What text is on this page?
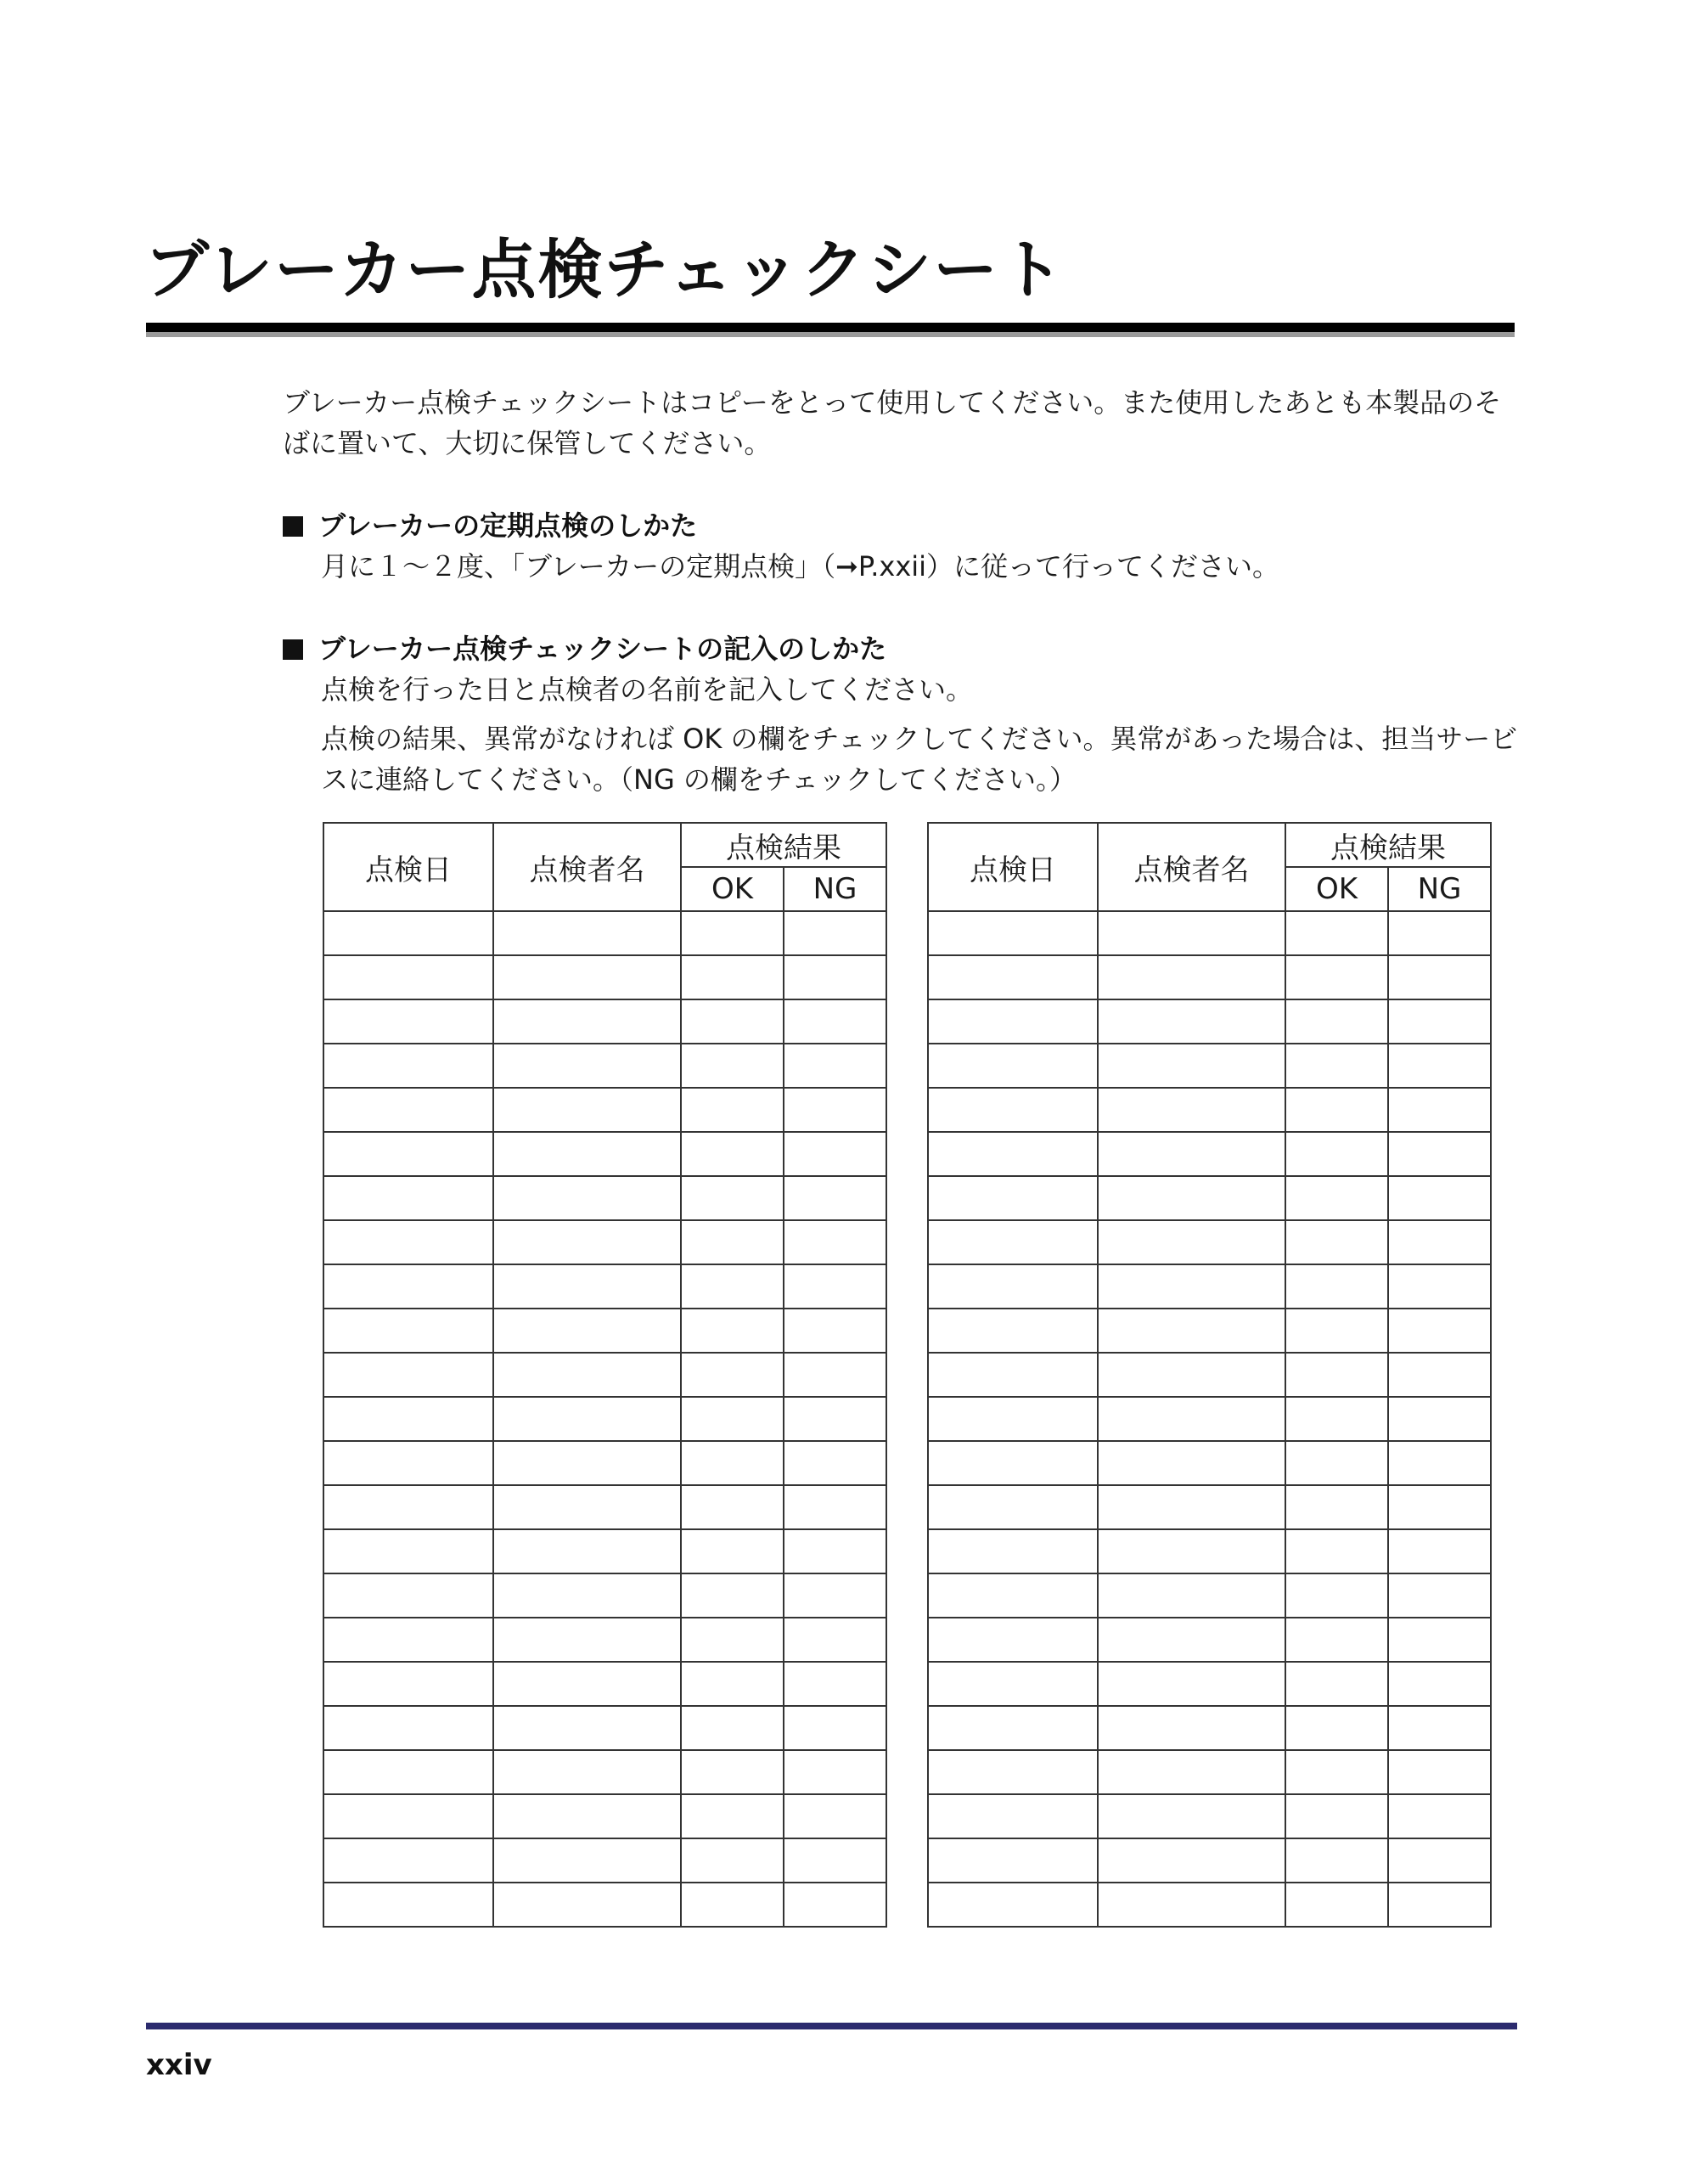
ブレーカー点検チェックシート
ブレーカー点検チェックシートはコピーをとって使用してください。また使用したあとも本製品のそばに置いて、大切に保管してください。
ブレーカーの定期点検のしかた

月に１～２度、「ブレーカーの定期点検」（➞P.xxii）に従って行ってください。

ブレーカー点検チェックシートの記入のしかた

点検を行った日と点検者の名前を記入してください。

点検の結果、異常がなければ OK の欄をチェックしてください。異常があった場合は、担当サービスに連絡してください。（NG の欄をチェックしてください。）

点検日	点検者名	点検結果	
		OK	NG

点検日	点検者名	点検結果	
		OK	NG

xxiv
